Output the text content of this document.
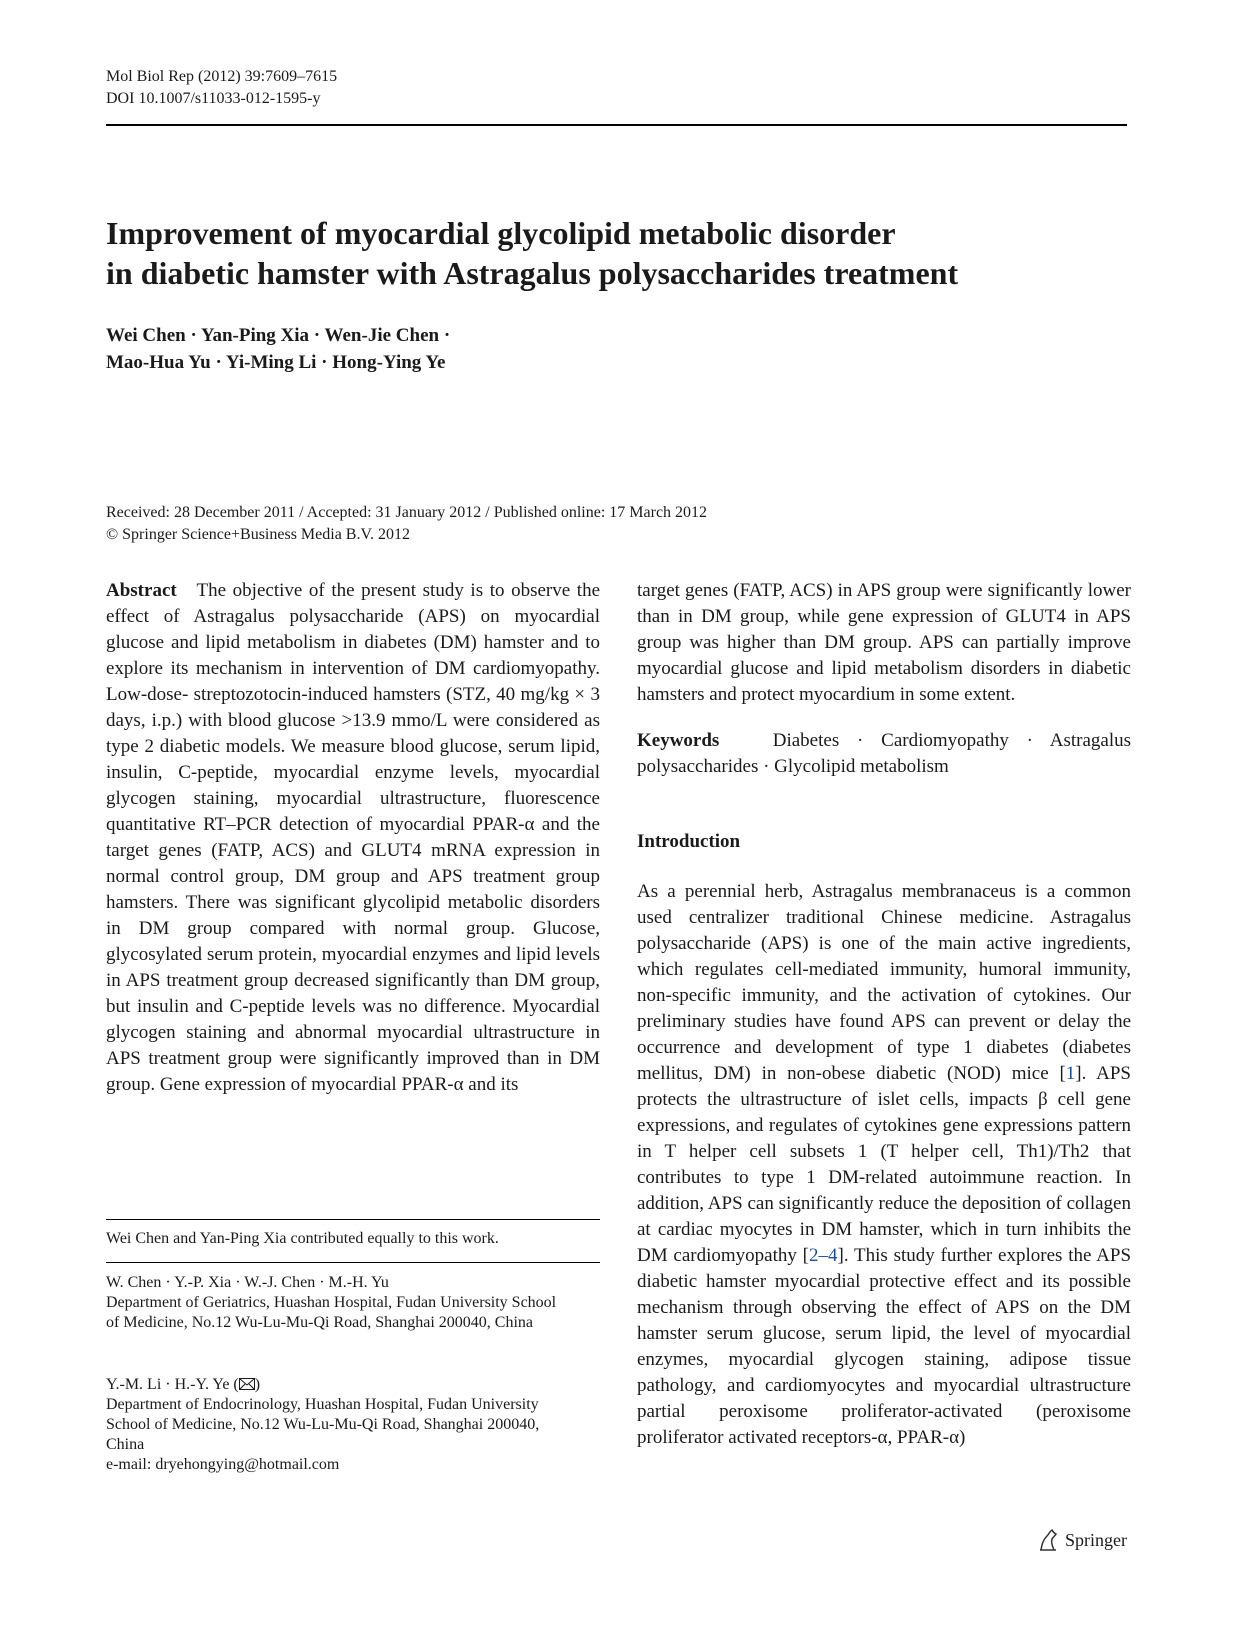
Mol Biol Rep (2012) 39:7609–7615
DOI 10.1007/s11033-012-1595-y
Improvement of myocardial glycolipid metabolic disorder
in diabetic hamster with Astragalus polysaccharides treatment
Wei Chen · Yan-Ping Xia · Wen-Jie Chen ·
Mao-Hua Yu · Yi-Ming Li · Hong-Ying Ye
Received: 28 December 2011 / Accepted: 31 January 2012 / Published online: 17 March 2012
© Springer Science+Business Media B.V. 2012
Abstract The objective of the present study is to observe the effect of Astragalus polysaccharide (APS) on myocardial glucose and lipid metabolism in diabetes (DM) hamster and to explore its mechanism in intervention of DM cardiomyopathy. Low-dose- streptozotocin-induced hamsters (STZ, 40 mg/kg × 3 days, i.p.) with blood glucose >13.9 mmo/L were considered as type 2 diabetic models. We measure blood glucose, serum lipid, insulin, C-peptide, myocardial enzyme levels, myocardial glycogen staining, myocardial ultrastructure, fluorescence quantitative RT–PCR detection of myocardial PPAR-α and the target genes (FATP, ACS) and GLUT4 mRNA expression in normal control group, DM group and APS treatment group hamsters. There was significant glycolipid metabolic disorders in DM group compared with normal group. Glucose, glycosylated serum protein, myocardial enzymes and lipid levels in APS treatment group decreased significantly than DM group, but insulin and C-peptide levels was no difference. Myocardial glycogen staining and abnormal myocardial ultrastructure in APS treatment group were significantly improved than in DM group. Gene expression of myocardial PPAR-α and its
Wei Chen and Yan-Ping Xia contributed equally to this work.
W. Chen · Y.-P. Xia · W.-J. Chen · M.-H. Yu
Department of Geriatrics, Huashan Hospital, Fudan University School of Medicine, No.12 Wu-Lu-Mu-Qi Road, Shanghai 200040, China
Y.-M. Li · H.-Y. Ye ( )
Department of Endocrinology, Huashan Hospital, Fudan University School of Medicine, No.12 Wu-Lu-Mu-Qi Road, Shanghai 200040, China
e-mail: dryehongying@hotmail.com
target genes (FATP, ACS) in APS group were significantly lower than in DM group, while gene expression of GLUT4 in APS group was higher than DM group. APS can partially improve myocardial glucose and lipid metabolism disorders in diabetic hamsters and protect myocardium in some extent.
Keywords	Diabetes · Cardiomyopathy · Astragalus polysaccharides · Glycolipid metabolism
Introduction
As a perennial herb, Astragalus membranaceus is a common used centralizer traditional Chinese medicine. Astragalus polysaccharide (APS) is one of the main active ingredients, which regulates cell-mediated immunity, humoral immunity, non-specific immunity, and the activation of cytokines. Our preliminary studies have found APS can prevent or delay the occurrence and development of type 1 diabetes (diabetes mellitus, DM) in non-obese diabetic (NOD) mice [1]. APS protects the ultrastructure of islet cells, impacts β cell gene expressions, and regulates of cytokines gene expressions pattern in T helper cell subsets 1 (T helper cell, Th1)/Th2 that contributes to type 1 DM-related autoimmune reaction. In addition, APS can significantly reduce the deposition of collagen at cardiac myocytes in DM hamster, which in turn inhibits the DM cardiomyopathy [2–4]. This study further explores the APS diabetic hamster myocardial protective effect and its possible mechanism through observing the effect of APS on the DM hamster serum glucose, serum lipid, the level of myocardial enzymes, myocardial glycogen staining, adipose tissue pathology, and cardiomyocytes and myocardial ultrastructure partial peroxisome proliferator-activated (peroxisome proliferator activated receptors-α, PPAR-α)
Springer
